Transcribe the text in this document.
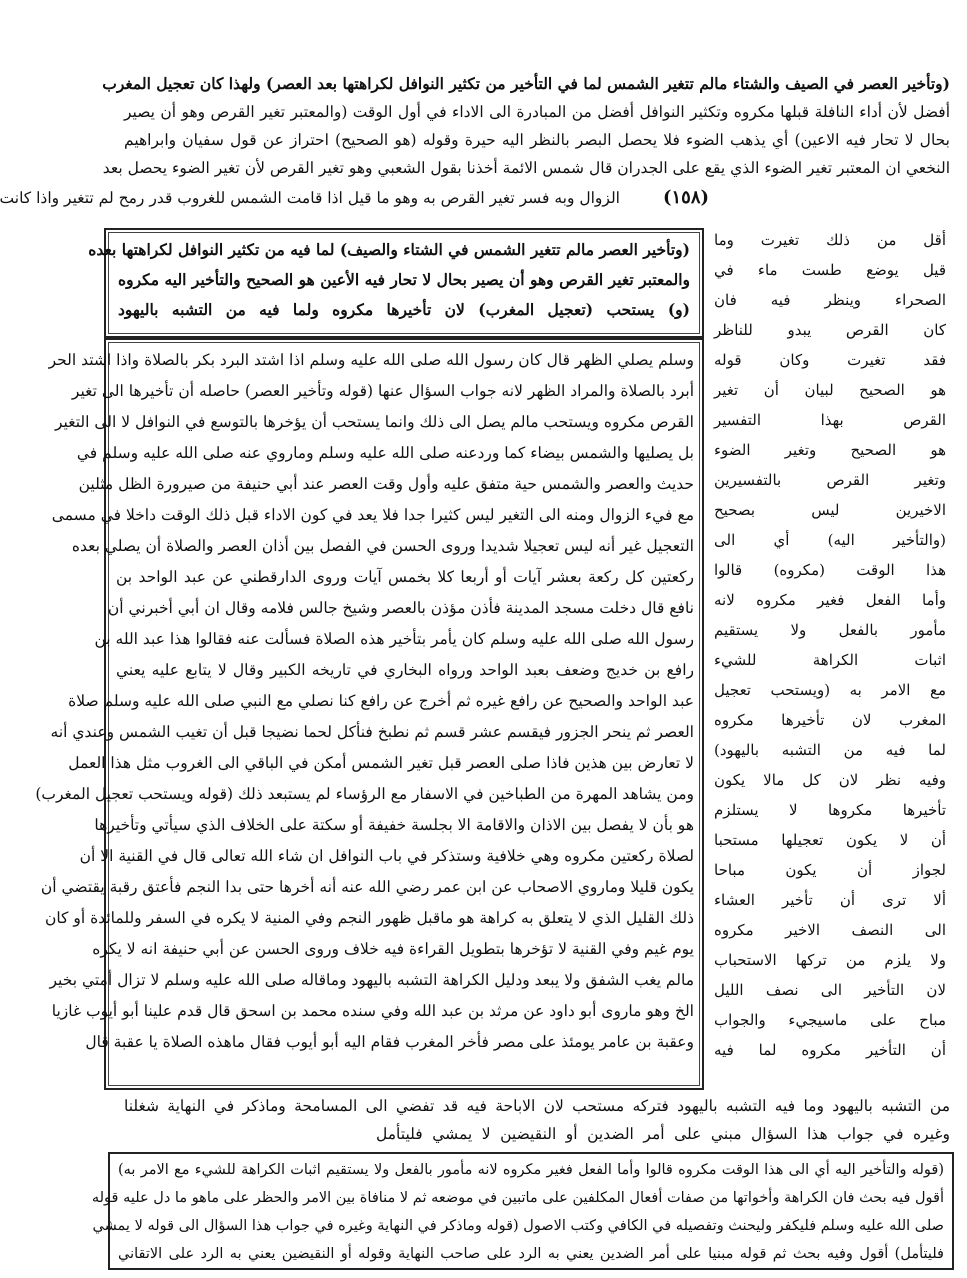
(وتأخير العصر في الصيف والشتاء مالم تتغير الشمس لما في التأخير من تكثير النوافل لكراهتها بعد العصر) ولهذا كان تعجيل المغرب
أفضل لأن أداء النافلة قبلها مكروه وتكثير النوافل أفضل من المبادرة الى الاداء في أول الوقت (والمعتبر تغير القرص وهو أن يصير
بحال لا تحار فيه الاعين) أي يذهب الضوء فلا يحصل البصر بالنظر اليه حيرة وقوله (هو الصحيح) احتراز عن قول سفيان وابراهيم
النخعي ان المعتبر تغير الضوء الذي يقع على الجدران قال شمس الائمة أخذنا بقول الشعبي وهو تغير القرص لأن تغير الضوء يحصل بعد
الزوال وبه فسر تغير القرص به وهو ما قيل اذا قامت الشمس للغروب قدر رمح لم تتغير واذا كانت	(١٥٨)
(وتأخير العصر مالم تتغير الشمس في الشتاء والصيف) لما فيه من تكثير النوافل لكراهتها بعده
والمعتبر تغير القرص وهو أن يصير بحال لا تحار فيه الأعين هو الصحيح والتأخير اليه مكروه
(و) يستحب (تعجيل المغرب) لان تأخيرها مكروه ولما فيه من التشبه باليهود
وسلم يصلي الظهر قال كان رسول الله صلى الله عليه وسلم اذا اشتد البرد بكر بالصلاة واذا اشتد الحر
أبرد بالصلاة والمراد الظهر لانه جواب السؤال عنها (قوله وتأخير العصر) حاصله أن تأخيرها الى تغير
القرص مكروه ويستحب مالم يصل الى ذلك وانما يستحب أن يؤخرها بالتوسع في النوافل لا الى التغير
بل يصليها والشمس بيضاء كما وردعنه صلى الله عليه وسلم وماروي عنه صلى الله عليه وسلم في
حديث والعصر والشمس حية متفق عليه وأول وقت العصر عند أبي حنيفة من صيرورة الظل مثلين
مع فيء الزوال ومنه الى التغير ليس كثيرا جدا فلا يعد في كون الاداء قبل ذلك الوقت داخلا في مسمى
التعجيل غير أنه ليس تعجيلا شديدا وروى الحسن في الفصل بين أذان العصر والصلاة أن يصلي بعده
ركعتين كل ركعة بعشر آيات أو أربعا كلا بخمس آيات وروى الدارقطني عن عبد الواحد بن
نافع قال دخلت مسجد المدينة فأذن مؤذن بالعصر وشيخ جالس فلامه وقال ان أبي أخبرني أن
رسول الله صلى الله عليه وسلم كان يأمر بتأخير هذه الصلاة فسألت عنه فقالوا هذا عبد الله بن
رافع بن خديج وضعف بعبد الواحد ورواه البخاري في تاريخه الكبير وقال لا يتابع عليه يعني
عبد الواحد والصحيح عن رافع غيره ثم أخرج عن رافع كنا نصلي مع النبي صلى الله عليه وسلم صلاة
العصر ثم ينحر الجزور فيقسم عشر قسم ثم نطبخ فنأكل لحما نضيجا قبل أن تغيب الشمس وعندي أنه
لا تعارض بين هذين فاذا صلى العصر قبل تغير الشمس أمكن في الباقي الى الغروب مثل هذا العمل
ومن يشاهد المهرة من الطباخين في الاسفار مع الرؤساء لم يستبعد ذلك (قوله ويستحب تعجيل المغرب)
هو بأن لا يفصل بين الاذان والاقامة الا بجلسة خفيفة أو سكتة على الخلاف الذي سيأتي وتأخيرها
لصلاة ركعتين مكروه وهي خلافية وستذكر في باب النوافل ان شاء الله تعالى قال في القنية الا أن
يكون قليلا وماروي الاصحاب عن ابن عمر رضي الله عنه أنه أخرها حتى بدا النجم فأعتق رقبة يقتضي أن
ذلك القليل الذي لا يتعلق به كراهة هو ماقبل ظهور النجم وفي المنية لا يكره في السفر وللمائدة أو كان
يوم غيم وفي القنية لا تؤخرها بتطويل القراءة فيه خلاف وروى الحسن عن أبي حنيفة انه لا يكره
مالم يغب الشفق ولا يبعد ودليل الكراهة التشبه باليهود وماقاله صلى الله عليه وسلم لا تزال أمتي بخير
الخ وهو ماروى أبو داود عن مرثد بن عبد الله وفي سنده محمد بن اسحق قال قدم علينا أبو أيوب غازيا
وعقبة بن عامر يومئذ على مصر فأخر المغرب فقام اليه أبو أيوب فقال ماهذه الصلاة يا عقبة قال
أقل من ذلك تغيرت وما
قيل يوضع طست ماء في
الصحراء وينظر فيه فان
كان القرص يبدو للناظر
فقد تغيرت وكان قوله
هو الصحيح لبيان أن تغير
القرص بهذا التفسير
هو الصحيح وتغير الضوء
وتغير القرص بالتفسيرين
الاخيرين ليس بصحيح
(والتأخير اليه) أي الى
هذا الوقت (مكروه) قالوا
وأما الفعل فغير مكروه لانه
مأمور بالفعل ولا يستقيم
اثبات الكراهة للشيء
مع الامر به (ويستحب تعجيل
المغرب لان تأخيرها مكروه
لما فيه من التشبه باليهود)
وفيه نظر لان كل مالا يكون
تأخيرها مكروها لا يستلزم
أن لا يكون تعجيلها مستحبا
لجواز أن يكون مباحا
ألا ترى أن تأخير العشاء
الى النصف الاخير مكروه
ولا يلزم من تركها الاستحباب
لان التأخير الى نصف الليل
مباح على ماسيجيء والجواب
أن التأخير مكروه لما فيه
من التشبه باليهود وما فيه التشبه باليهود فتركه مستحب لان الاباحة فيه قد تفضي الى المسامحة وماذكر في النهاية شغلنا
وغيره في جواب هذا السؤال مبني على أمر الضدين أو النقيضين لا يمشي فليتأمل
(قوله والتأخير اليه أي الى هذا الوقت مكروه قالوا وأما الفعل فغير مكروه لانه مأمور بالفعل ولا يستقيم اثبات الكراهة للشيء مع الامر به)
أقول فيه بحث فان الكراهة وأخواتها من صفات أفعال المكلفين على ماتبين في موضعه ثم لا منافاة بين الامر والحظر على ماهو ما دل عليه قوله
صلى الله عليه وسلم فليكفر وليحنث وتفصيله في الكافي وكتب الاصول (قوله وماذكر في النهاية وغيره في جواب هذا السؤال الى قوله لا يمشي
فليتأمل) أقول وفيه بحث ثم قوله مبنيا على أمر الضدين يعني به الرد على صاحب النهاية وقوله أو النقيضين يعني به الرد على الاتقاني
